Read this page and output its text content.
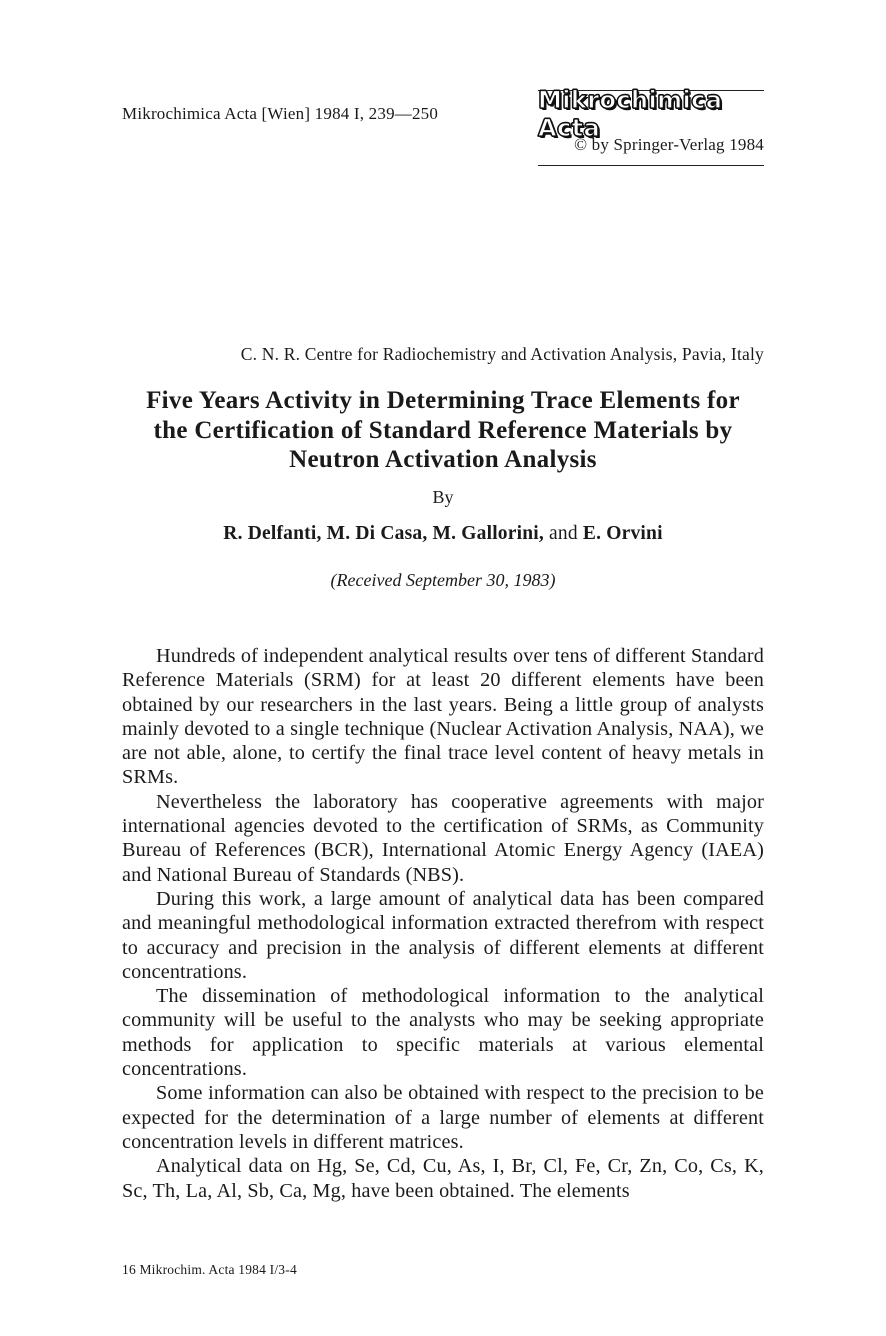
Mikrochimica Acta [Wien] 1984 I, 239—250	Mikrochimica Acta
© by Springer-Verlag 1984
C. N. R. Centre for Radiochemistry and Activation Analysis, Pavia, Italy
Five Years Activity in Determining Trace Elements for
the Certification of Standard Reference Materials by
Neutron Activation Analysis
By
R. Delfanti, M. Di Casa, M. Gallorini, and E. Orvini
(Received September 30, 1983)

Hundreds of independent analytical results over tens of different Standard Reference Materials (SRM) for at least 20 different elements have been obtained by our researchers in the last years. Being a little group of analysts mainly devoted to a single technique (Nuclear Activation Analysis, NAA), we are not able, alone, to certify the final trace level content of heavy metals in SRMs.

Nevertheless the laboratory has cooperative agreements with major international agencies devoted to the certification of SRMs, as Community Bureau of References (BCR), International Atomic Energy Agency (IAEA) and National Bureau of Standards (NBS).

During this work, a large amount of analytical data has been compared and meaningful methodological information extracted therefrom with respect to accuracy and precision in the analysis of different elements at different concentrations.

The dissemination of methodological information to the analytical community will be useful to the analysts who may be seeking appropriate methods for application to specific materials at various elemental concentrations.

Some information can also be obtained with respect to the precision to be expected for the determination of a large number of elements at different concentration levels in different matrices.

Analytical data on Hg, Se, Cd, Cu, As, I, Br, Cl, Fe, Cr, Zn, Co, Cs, K, Sc, Th, La, Al, Sb, Ca, Mg, have been obtained. The elements

16 Mikrochim. Acta 1984 I/3-4
